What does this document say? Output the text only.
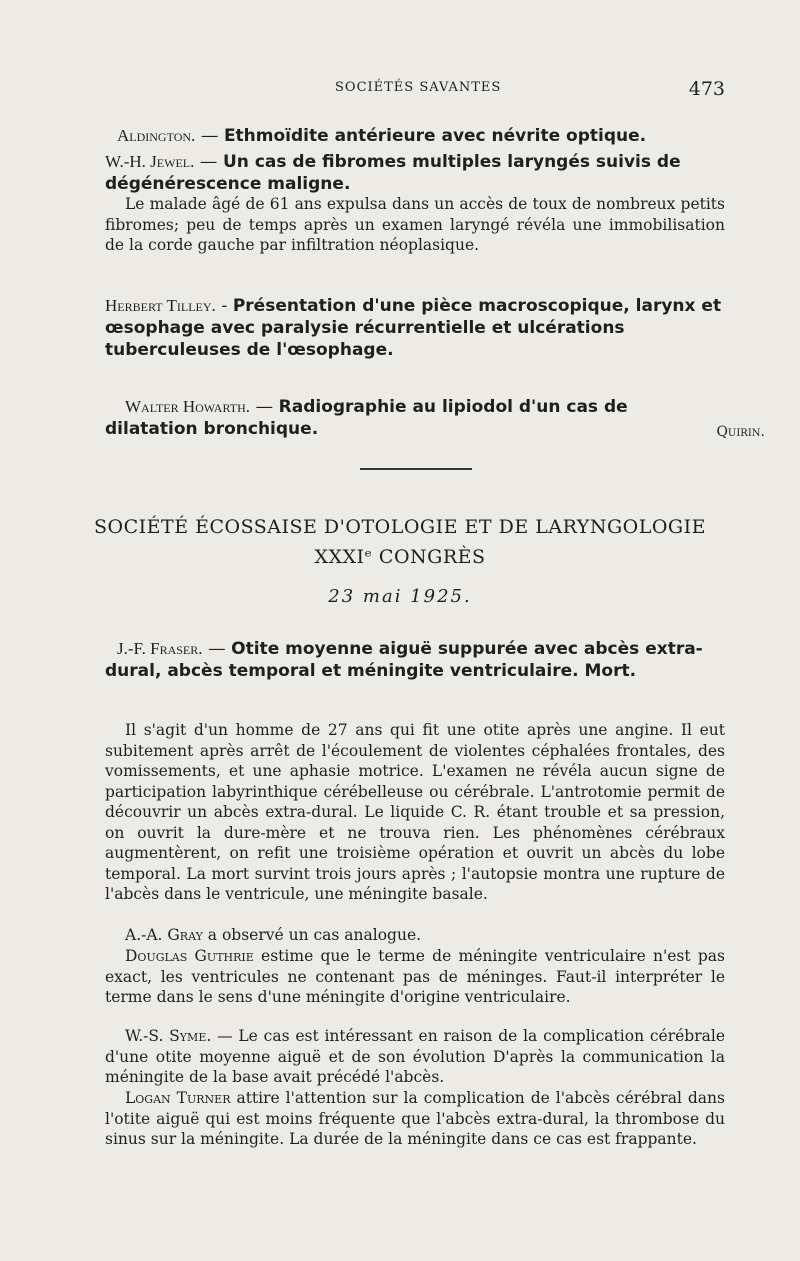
SOCIÉTÉS SAVANTES	473
Aldington. — Ethmoïdite antérieure avec névrite optique.
W.-H. Jewel. — Un cas de fibromes multiples laryngés suivis de dégénérescence maligne.

Le malade âgé de 61 ans expulsa dans un accès de toux de nombreux petits fibromes; peu de temps après un examen laryngé révéla une immobilisation de la corde gauche par infiltration néoplasique.

Herbert Tilley. - Présentation d'une pièce macroscopique, larynx et œsophage avec paralysie récurrentielle et ulcérations tuberculeuses de l'œsophage.
Walter Howarth. — Radiographie au lipiodol d'un cas de dilatation bronchique.	Quirin.
SOCIÉTÉ ÉCOSSAISE D'OTOLOGIE ET DE LARYNGOLOGIE
XXXIᵉ CONGRÈS
23 mai 1925.
J.-F. Fraser. — Otite moyenne aiguë suppurée avec abcès extra-dural, abcès temporal et méningite ventriculaire. Mort.

Il s'agit d'un homme de 27 ans qui fit une otite après une angine. Il eut subitement après arrêt de l'écoulement de violentes céphalées frontales, des vomissements, et une aphasie motrice. L'examen ne révéla aucun signe de participation labyrinthique cérébelleuse ou cérébrale. L'antrotomie permit de découvrir un abcès extra-dural. Le liquide C. R. étant trouble et sa pression, on ouvrit la dure-mère et ne trouva rien. Les phénomènes cérébraux augmentèrent, on refit une troisième opération et ouvrit un abcès du lobe temporal. La mort survint trois jours après ; l'autopsie montra une rupture de l'abcès dans le ventricule, une méningite basale.

A.-A. Gray a observé un cas analogue.

Douglas Guthrie estime que le terme de méningite ventriculaire n'est pas exact, les ventricules ne contenant pas de méninges. Faut-il interpréter le terme dans le sens d'une méningite d'origine ventriculaire.

W.-S. Syme. — Le cas est intéressant en raison de la complication cérébrale d'une otite moyenne aiguë et de son évolution D'après la communication la méningite de la base avait précédé l'abcès.

Logan Turner attire l'attention sur la complication de l'abcès cérébral dans l'otite aiguë qui est moins fréquente que l'abcès extra-dural, la thrombose du sinus sur la méningite. La durée de la méningite dans ce cas est frappante.
